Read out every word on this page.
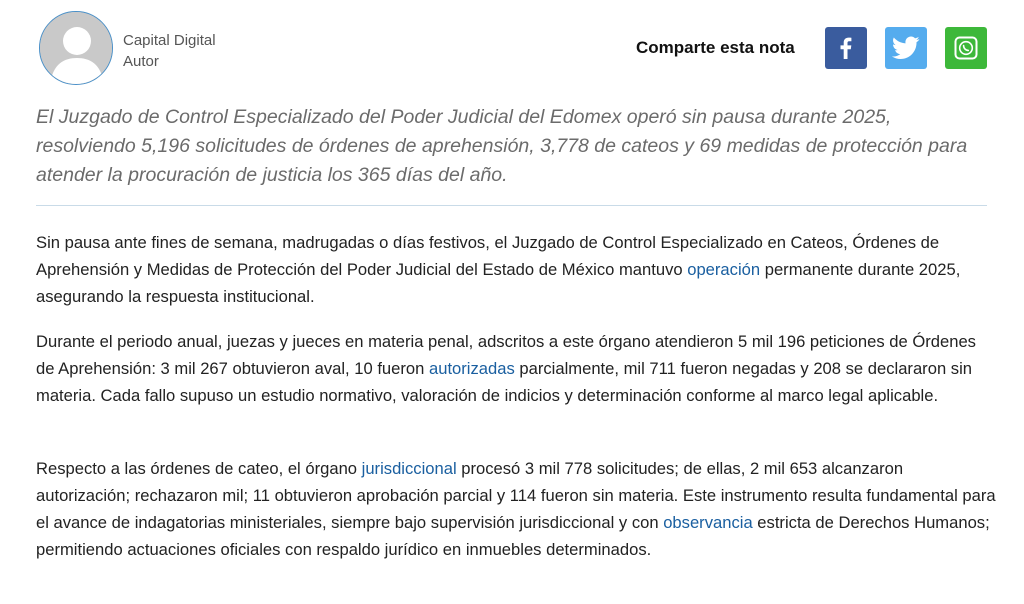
Capital Digital
Autor
Comparte esta nota

El Juzgado de Control Especializado del Poder Judicial del Edomex operó sin pausa durante 2025, resolviendo 5,196 solicitudes de órdenes de aprehensión, 3,778 de cateos y 69 medidas de protección para atender la procuración de justicia los 365 días del año.

Sin pausa ante fines de semana, madrugadas o días festivos, el Juzgado de Control Especializado en Cateos, Órdenes de Aprehensión y Medidas de Protección del Poder Judicial del Estado de México mantuvo operación permanente durante 2025, asegurando la respuesta institucional.

Durante el periodo anual, juezas y jueces en materia penal, adscritos a este órgano atendieron 5 mil 196 peticiones de Órdenes de Aprehensión: 3 mil 267 obtuvieron aval, 10 fueron autorizadas parcialmente, mil 711 fueron negadas y 208 se declararon sin materia. Cada fallo supuso un estudio normativo, valoración de indicios y determinación conforme al marco legal aplicable.

Respecto a las órdenes de cateo, el órgano jurisdiccional procesó 3 mil 778 solicitudes; de ellas, 2 mil 653 alcanzaron autorización; rechazaron mil; 11 obtuvieron aprobación parcial y 114 fueron sin materia. Este instrumento resulta fundamental para el avance de indagatorias ministeriales, siempre bajo supervisión jurisdiccional y con observancia estricta de Derechos Humanos; permitiendo actuaciones oficiales con respaldo jurídico en inmuebles determinados.
